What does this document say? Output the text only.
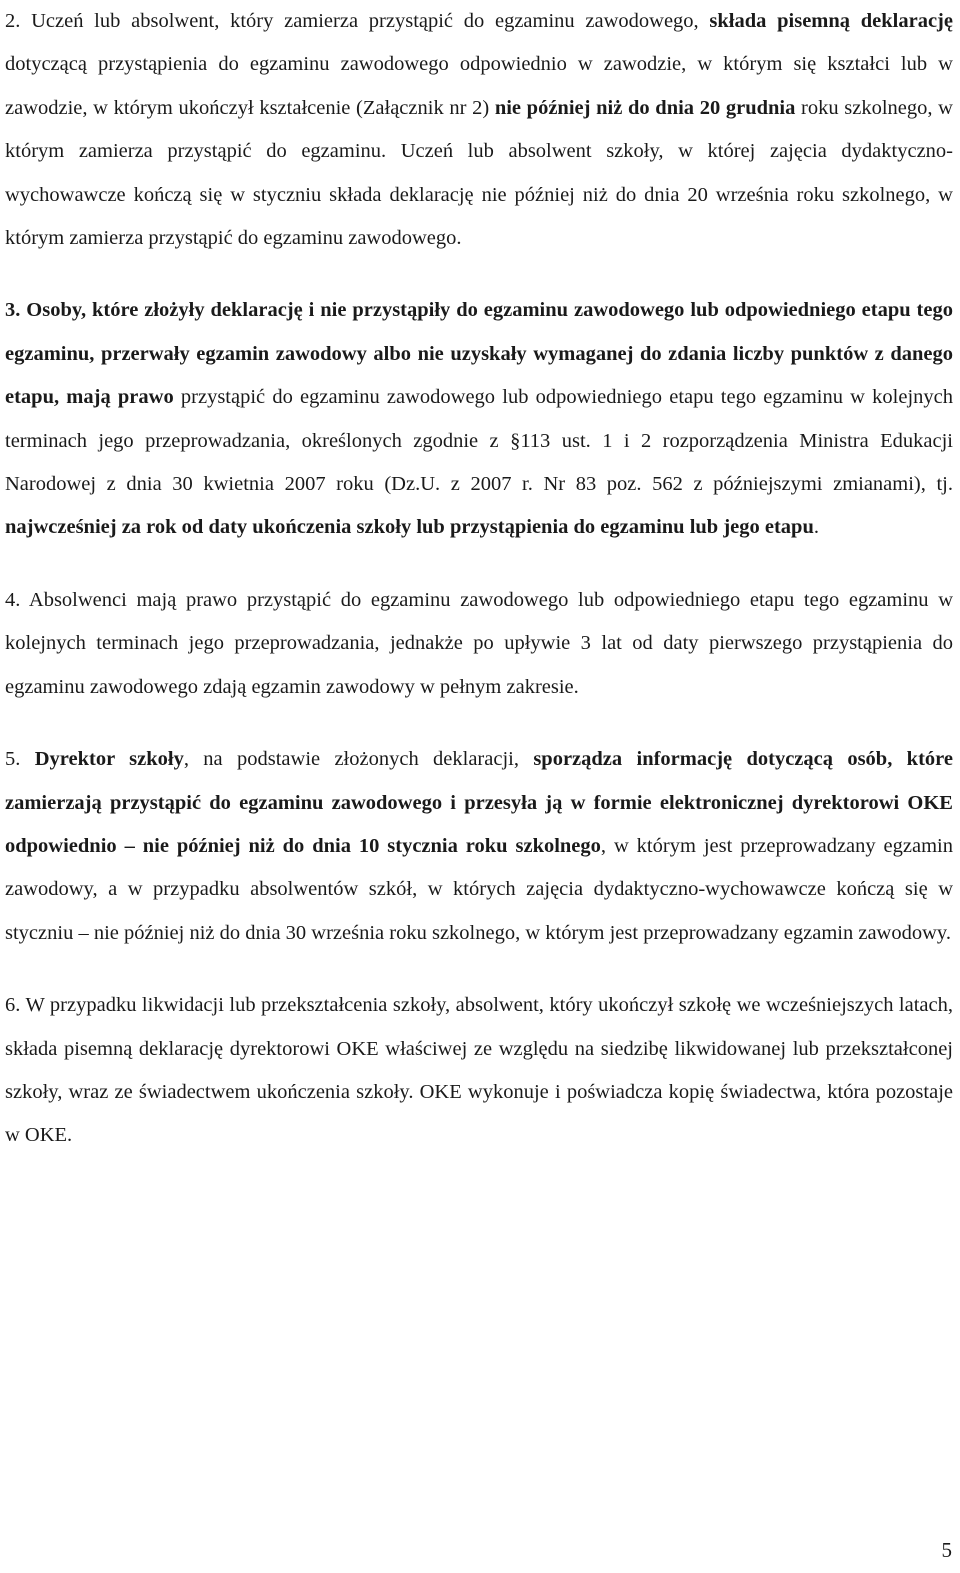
2. Uczeń lub absolwent, który zamierza przystąpić do egzaminu zawodowego, składa pisemną deklarację dotyczącą przystąpienia do egzaminu zawodowego odpowiednio w zawodzie, w którym się kształci lub w zawodzie, w którym ukończył kształcenie (Załącznik nr 2) nie później niż do dnia 20 grudnia roku szkolnego, w którym zamierza przystąpić do egzaminu. Uczeń lub absolwent szkoły, w której zajęcia dydaktyczno-wychowawcze kończą się w styczniu składa deklarację nie później niż do dnia 20 września roku szkolnego, w którym zamierza przystąpić do egzaminu zawodowego.

3. Osoby, które złożyły deklarację i nie przystąpiły do egzaminu zawodowego lub odpowiedniego etapu tego egzaminu, przerwały egzamin zawodowy albo nie uzyskały wymaganej do zdania liczby punktów z danego etapu, mają prawo przystąpić do egzaminu zawodowego lub odpowiedniego etapu tego egzaminu w kolejnych terminach jego przeprowadzania, określonych zgodnie z §113 ust. 1 i 2 rozporządzenia Ministra Edukacji Narodowej z dnia 30 kwietnia 2007 roku (Dz.U. z 2007 r. Nr 83 poz. 562 z późniejszymi zmianami), tj. najwcześniej za rok od daty ukończenia szkoły lub przystąpienia do egzaminu lub jego etapu.

4. Absolwenci mają prawo przystąpić do egzaminu zawodowego lub odpowiedniego etapu tego egzaminu w kolejnych terminach jego przeprowadzania, jednakże po upływie 3 lat od daty pierwszego przystąpienia do egzaminu zawodowego zdają egzamin zawodowy w pełnym zakresie.

5. Dyrektor szkoły, na podstawie złożonych deklaracji, sporządza informację dotyczącą osób, które zamierzają przystąpić do egzaminu zawodowego i przesyła ją w formie elektronicznej dyrektorowi OKE odpowiednio – nie później niż do dnia 10 stycznia roku szkolnego, w którym jest przeprowadzany egzamin zawodowy, a w przypadku absolwentów szkół, w których zajęcia dydaktyczno-wychowawcze kończą się w styczniu – nie później niż do dnia 30 września roku szkolnego, w którym jest przeprowadzany egzamin zawodowy.

6. W przypadku likwidacji lub przekształcenia szkoły, absolwent, który ukończył szkołę we wcześniejszych latach, składa pisemną deklarację dyrektorowi OKE właściwej ze względu na siedzibę likwidowanej lub przekształconej szkoły, wraz ze świadectwem ukończenia szkoły. OKE wykonuje i poświadcza kopię świadectwa, która pozostaje w OKE.

5
